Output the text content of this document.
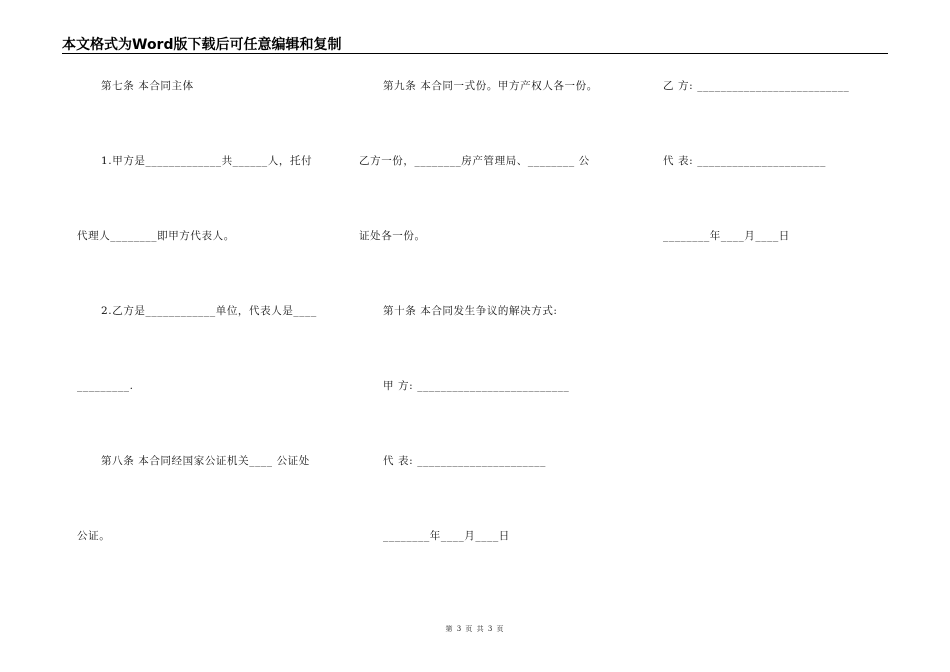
本文格式为Word版下载后可任意编辑和复制
第七条 本合同主体
1.甲方是_____________共______人，托付
代理人________即甲方代表人。
2.乙方是____________单位，代表人是____
_________.
第八条 本合同经国家公证机关____ 公证处
公证。
第九条 本合同一式份。甲方产权人各一份。
乙方一份，________房产管理局、________ 公
证处各一份。
第十条 本合同发生争议的解决方式:
甲 方: __________________________
代 表: ______________________
________年____月____日
乙 方: __________________________
代 表: ______________________
________年____月____日
第 3 页 共 3 页
